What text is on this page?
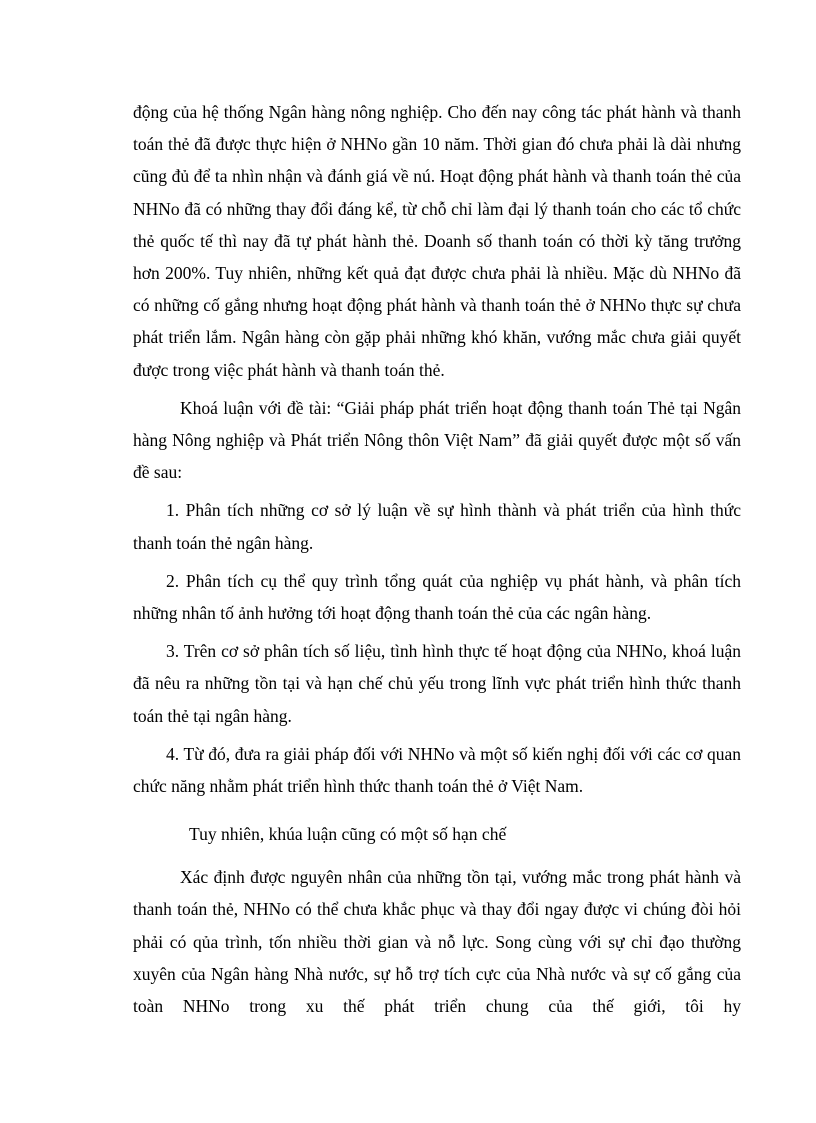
động của hệ thống Ngân hàng nông nghiệp. Cho đến nay công tác phát hành và thanh toán thẻ đã được thực hiện ở NHNo gần 10 năm. Thời gian đó chưa phải là dài nhưng cũng đủ để ta nhìn nhận và đánh giá về nú. Hoạt động phát hành và thanh toán thẻ của NHNo đã có những thay đổi đáng kể, từ chỗ chỉ làm đại lý thanh toán cho các tổ chức thẻ quốc tế thì nay đã tự phát hành thẻ. Doanh số thanh toán có thời kỳ tăng trưởng hơn 200%. Tuy nhiên, những kết quả đạt được chưa phải là nhiều. Mặc dù NHNo đã có những cố gắng nhưng hoạt động phát hành và thanh toán thẻ ở NHNo thực sự chưa phát triển lắm. Ngân hàng còn gặp phải những khó khăn, vướng mắc chưa giải quyết được trong việc phát hành và thanh toán thẻ.

Khoá luận với đề tài: “Giải pháp phát triển hoạt động thanh toán Thẻ tại Ngân hàng Nông nghiệp và Phát triển Nông thôn Việt Nam” đã giải quyết được một số vấn đề sau:

1. Phân tích những cơ sở lý luận về sự hình thành và phát triển của hình thức thanh toán thẻ ngân hàng.

2. Phân tích cụ thể quy trình tổng quát của nghiệp vụ phát hành, và phân tích những nhân tố ảnh hưởng tới hoạt động thanh toán thẻ của các ngân hàng.

3. Trên cơ sở phân tích số liệu, tình hình thực tế hoạt động của NHNo, khoá luận đã nêu ra những tồn tại và hạn chế chủ yếu trong lĩnh vực phát triển hình thức thanh toán thẻ tại ngân hàng.

4. Từ đó, đưa ra giải pháp đối với NHNo và một số kiến nghị đối với các cơ quan chức năng nhằm phát triển hình thức thanh toán thẻ ở Việt Nam.

Tuy nhiên, khúa luận cũng có một số hạn chế

Xác định được nguyên nhân của những tồn tại, vướng mắc trong phát hành và thanh toán thẻ, NHNo có thể chưa khắc phục và thay đổi ngay được vi chúng đòi hỏi phải có qủa trình, tốn nhiều thời gian và nỗ lực. Song cùng với sự chỉ đạo thường xuyên của Ngân hàng Nhà nước, sự hỗ trợ tích cực của Nhà nước và sự cố gắng của toàn NHNo trong xu thế phát triển chung của thế giới, tôi hy
